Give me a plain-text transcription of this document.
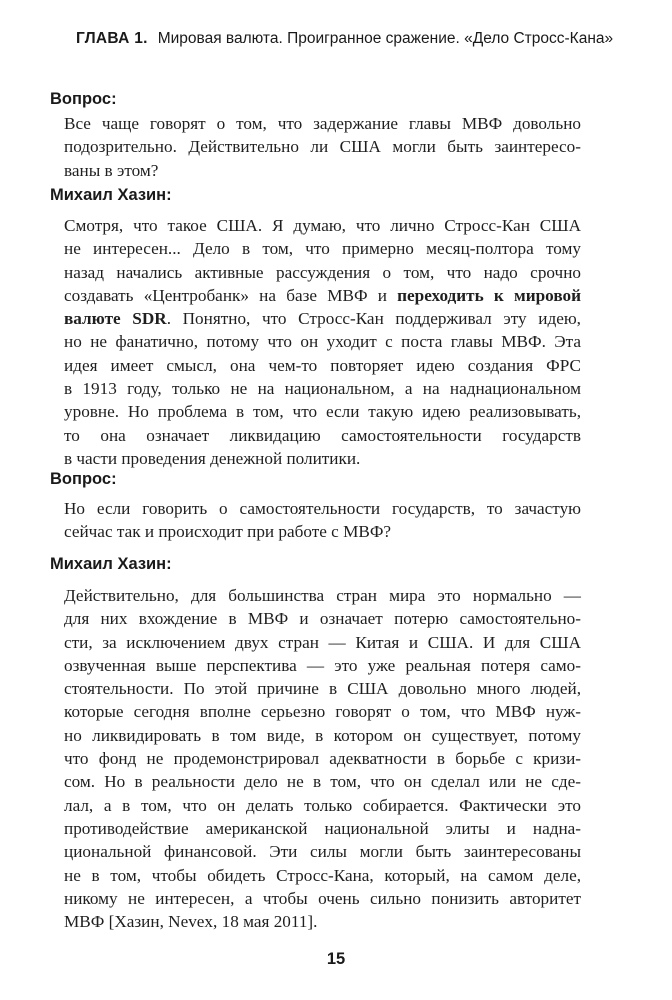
ГЛАВА 1. Мировая валюта. Проигранное сражение. «Дело Стросс-Кана»
Вопрос:
Все чаще говорят о том, что задержание главы МВФ довольно
подозрительно. Действительно ли США могли быть заинтересо-
ваны в этом?
Михаил Хазин:
Смотря, что такое США. Я думаю, что лично Стросс-Кан США
не интересен... Дело в том, что примерно месяц-полтора тому
назад начались активные рассуждения о том, что надо срочно
создавать «Центробанк» на базе МВФ и переходить к мировой
валюте SDR. Понятно, что Стросс-Кан поддерживал эту идею,
но не фанатично, потому что он уходит с поста главы МВФ. Эта
идея имеет смысл, она чем-то повторяет идею создания ФРС
в 1913 году, только не на национальном, а на наднациональном
уровне. Но проблема в том, что если такую идею реализовывать,
то она означает ликвидацию самостоятельности государств
в части проведения денежной политики.
Вопрос:
Но если говорить о самостоятельности государств, то зачастую
сейчас так и происходит при работе с МВФ?
Михаил Хазин:
Действительно, для большинства стран мира это нормально —
для них вхождение в МВФ и означает потерю самостоятельно-
сти, за исключением двух стран — Китая и США. И для США
озвученная выше перспектива — это уже реальная потеря само-
стоятельности. По этой причине в США довольно много людей,
которые сегодня вполне серьезно говорят о том, что МВФ нуж-
но ликвидировать в том виде, в котором он существует, потому
что фонд не продемонстрировал адекватности в борьбе с кризи-
сом. Но в реальности дело не в том, что он сделал или не сде-
лал, а в том, что он делать только собирается. Фактически это
противодействие американской национальной элиты и надна-
циональной финансовой. Эти силы могли быть заинтересованы
не в том, чтобы обидеть Стросс-Кана, который, на самом деле,
никому не интересен, а чтобы очень сильно понизить авторитет
МВФ [Хазин, Nevex, 18 мая 2011].
15
